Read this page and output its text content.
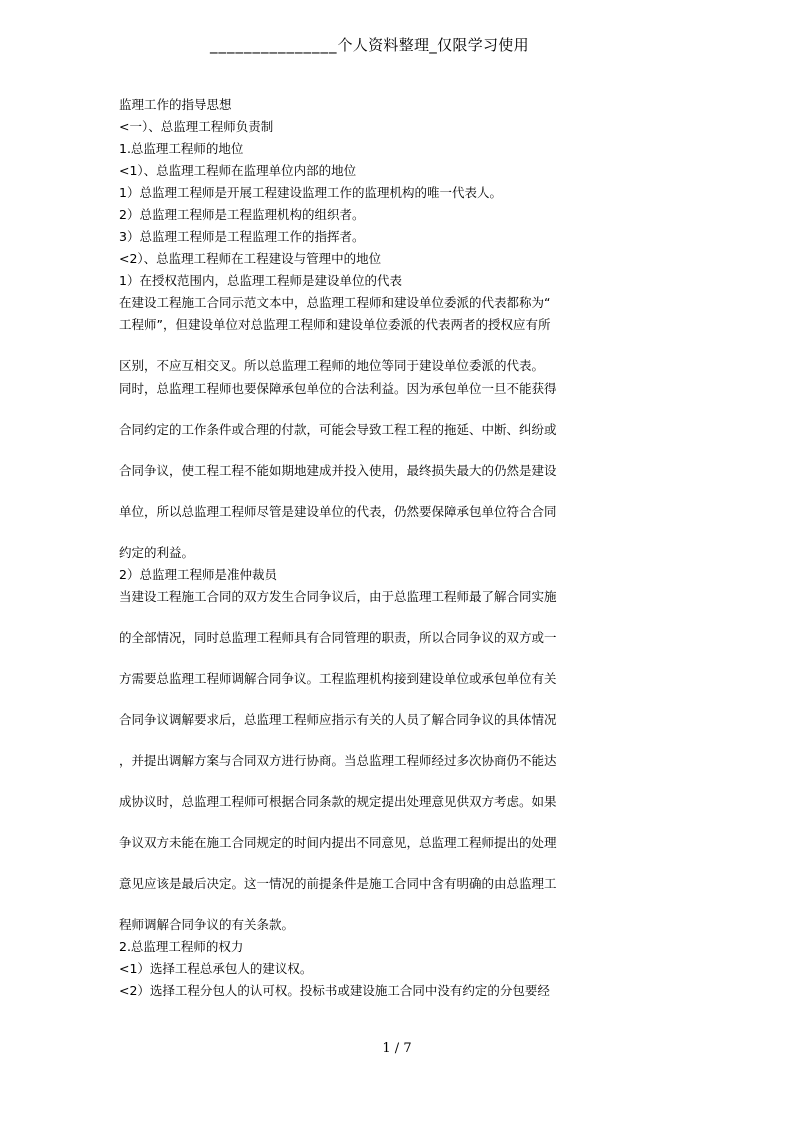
_______________个人资料整理_仅限学习使用
监理工作的指导思想
<一）、总监理工程师负责制
1.总监理工程师的地位
<1）、总监理工程师在监理单位内部的地位
1）总监理工程师是开展工程建设监理工作的监理机构的唯一代表人。
2）总监理工程师是工程监理机构的组织者。
3）总监理工程师是工程监理工作的指挥者。
<2）、总监理工程师在工程建设与管理中的地位
1）在授权范围内，总监理工程师是建设单位的代表
在建设工程施工合同示范文本中，总监理工程师和建设单位委派的代表都称为“
工程师”，但建设单位对总监理工程师和建设单位委派的代表两者的授权应有所
区别，不应互相交叉。所以总监理工程师的地位等同于建设单位委派的代表。
同时，总监理工程师也要保障承包单位的合法利益。因为承包单位一旦不能获得
合同约定的工作条件或合理的付款，可能会导致工程工程的拖延、中断、纠纷或
合同争议，使工程工程不能如期地建成并投入使用，最终损失最大的仍然是建设
单位，所以总监理工程师尽管是建设单位的代表，仍然要保障承包单位符合合同
约定的利益。
2）总监理工程师是准仲裁员
当建设工程施工合同的双方发生合同争议后，由于总监理工程师最了解合同实施
的全部情况，同时总监理工程师具有合同管理的职责，所以合同争议的双方或一
方需要总监理工程师调解合同争议。工程监理机构接到建设单位或承包单位有关
合同争议调解要求后，总监理工程师应指示有关的人员了解合同争议的具体情况
，并提出调解方案与合同双方进行协商。当总监理工程师经过多次协商仍不能达
成协议时，总监理工程师可根据合同条款的规定提出处理意见供双方考虑。如果
争议双方未能在施工合同规定的时间内提出不同意见，总监理工程师提出的处理
意见应该是最后决定。这一情况的前提条件是施工合同中含有明确的由总监理工
程师调解合同争议的有关条款。
2.总监理工程师的权力
<1）选择工程总承包人的建议权。
<2）选择工程分包人的认可权。投标书或建设施工合同中没有约定的分包要经
1 / 7
